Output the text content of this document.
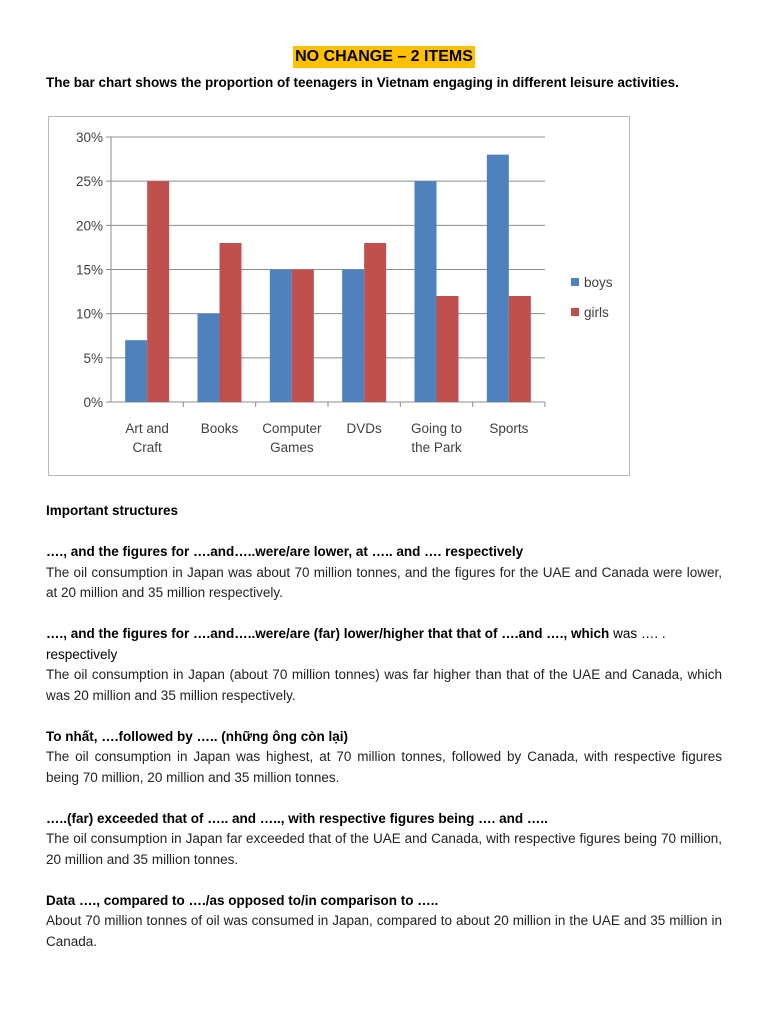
NO CHANGE – 2 ITEMS
The bar chart shows the proportion of teenagers in Vietnam engaging in different leisure activities.
0%
5%
10%
15%
20%
25%
30%
Art and
Craft
Books Computer
Games
DVDs Going to
the Park
Sports
boys
girls

Important structures

…., and the figures for ….and…..were/are lower, at ….. and …. respectively

The oil consumption in Japan was about 70 million tonnes, and the figures for the UAE and Canada were lower, at 20 million and 35 million respectively.

…., and the figures for ….and…..were/are (far) lower/higher that that of ….and …., which was …. . respectively

The oil consumption in Japan (about 70 million tonnes) was far higher than that of the UAE and Canada, which was 20 million and 35 million respectively.

To nhất, ….followed by ….. (những ông còn lại)

The oil consumption in Japan was highest, at 70 million tonnes, followed by Canada, with respective figures being 70 million, 20 million and 35 million tonnes.

…..(far) exceeded that of ….. and ….., with respective figures being …. and …..

The oil consumption in Japan far exceeded that of the UAE and Canada, with respective figures being 70 million, 20 million and 35 million tonnes.

Data …., compared to …./as opposed to/in comparison to …..

About 70 million tonnes of oil was consumed in Japan, compared to about 20 million in the UAE and 35 million in Canada.
